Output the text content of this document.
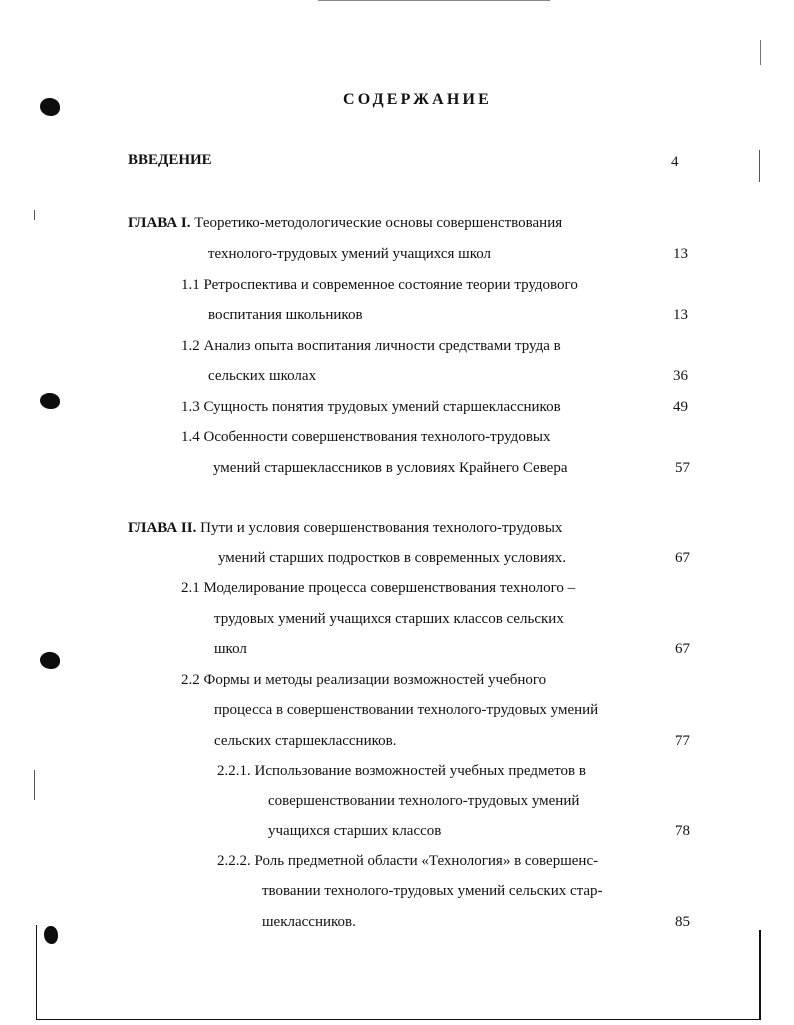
СОДЕРЖАНИЕ
ВВЕДЕНИЕ	4
ГЛАВА I. Теоретико-методологические основы совершенствования
технолого-трудовых умений учащихся школ	13
1.1 Ретроспектива и современное состояние теории трудового
воспитания школьников	13
1.2 Анализ опыта воспитания личности средствами труда в
сельских школах	36
1.3 Сущность понятия трудовых умений старшеклассников	49
1.4 Особенности совершенствования технолого-трудовых
умений старшеклассников в условиях Крайнего Севера	57
ГЛАВА II. Пути и условия совершенствования технолого-трудовых
умений старших подростков в современных условиях.	67
2.1 Моделирование процесса совершенствования технолого –
трудовых умений учащихся старших классов сельских
школ	67
2.2 Формы и методы реализации возможностей учебного
процесса в совершенствовании технолого-трудовых умений
сельских старшеклассников.	77
2.2.1. Использование возможностей учебных предметов в
совершенствовании технолого-трудовых умений
учащихся старших классов	78
2.2.2. Роль предметной области «Технология» в совершенс-
твовании технолого-трудовых умений сельских стар-
шеклассников.	85
